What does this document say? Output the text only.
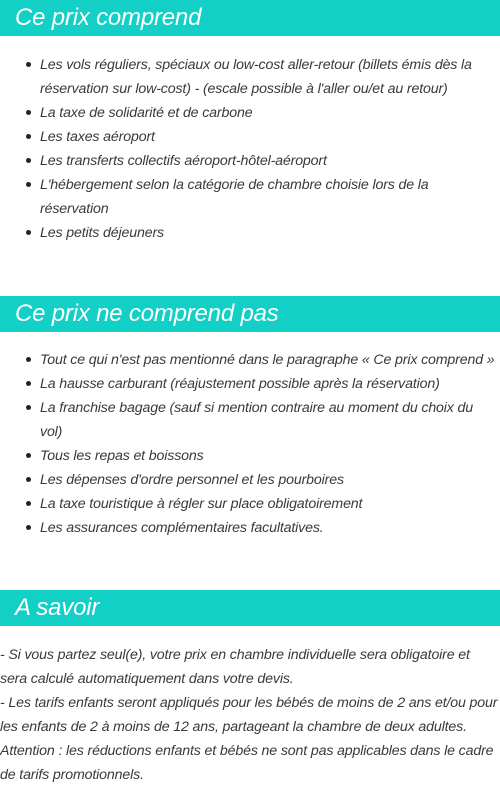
Ce prix comprend
Les vols réguliers, spéciaux ou low-cost aller-retour (billets émis dès la réservation sur low-cost) - (escale possible à l'aller ou/et au retour)
La taxe de solidarité et de carbone
Les taxes aéroport
Les transferts collectifs aéroport-hôtel-aéroport
L'hébergement selon la catégorie de chambre choisie lors de la réservation
Les petits déjeuners
Ce prix ne comprend pas
Tout ce qui n'est pas mentionné dans le paragraphe « Ce prix comprend »
La hausse carburant (réajustement possible après la réservation)
La franchise bagage (sauf si mention contraire au moment du choix du vol)
Tous les repas et boissons
Les dépenses d'ordre personnel et les pourboires
La taxe touristique à régler sur place obligatoirement
Les assurances complémentaires facultatives.
A savoir

- Si vous partez seul(e), votre prix en chambre individuelle sera obligatoire et sera calculé automatiquement dans votre devis.

- Les tarifs enfants seront appliqués pour les bébés de moins de 2 ans et/ou pour les enfants de 2 à moins de 12 ans, partageant la chambre de deux adultes.

Attention : les réductions enfants et bébés ne sont pas applicables dans le cadre de tarifs promotionnels.
